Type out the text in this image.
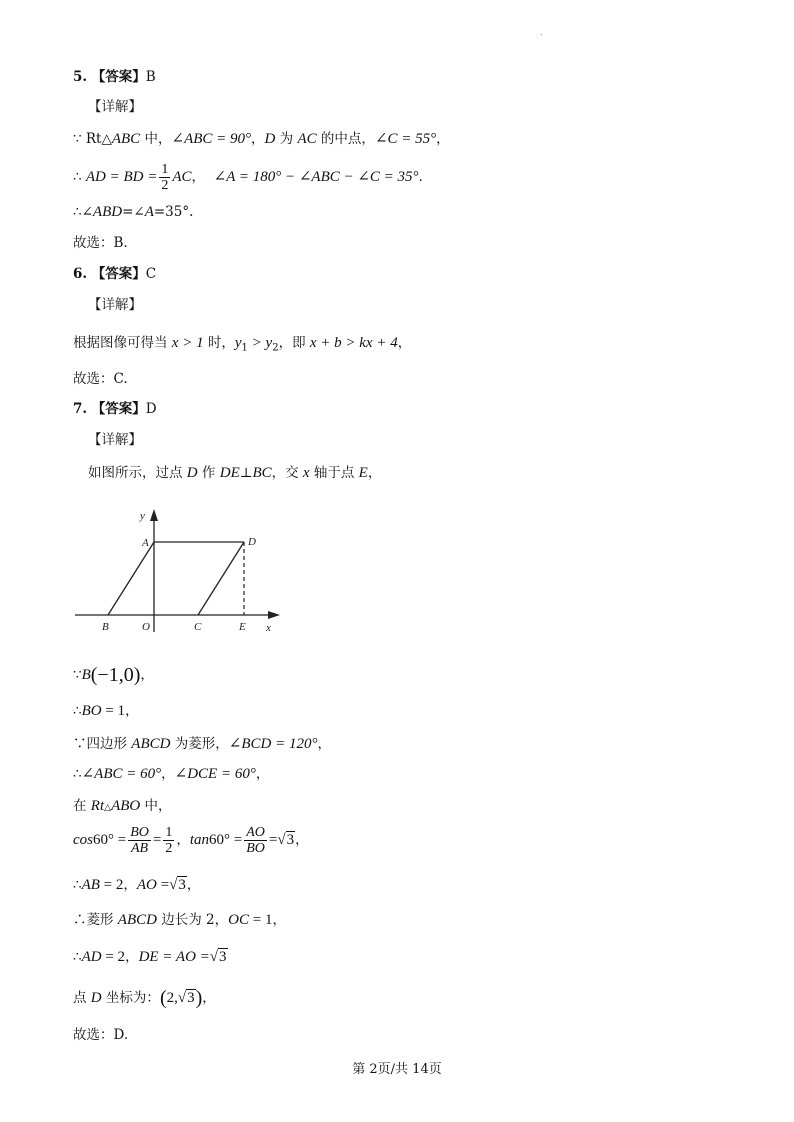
.
5. 【答案】B
【详解】
∵ Rt△ABC 中，∠ABC = 90°，D 为 AC 的中点，∠C = 55°，
∴ AD = BD = $\frac{1}{2}$ AC， ∠A = 180° − ∠ABC − ∠C = 35°．
∴∠ABD=∠A=35°.
故选：B.
6. 【答案】C
【详解】
根据图像可得当 x > 1 时，$y_1 > y_2$，即 x + b > kx + 4，
故选：C.
7. 【答案】D
【详解】
如图所示，过点 D 作 DE⊥BC，交 x 轴于点 E，
y
A	D
B	O	C	E x
∵B(−1,0)，
∴BO = 1，
∵四边形 ABCD 为菱形，∠BCD = 120°，
∴∠ABC = 60°，∠DCE = 60°，
在 Rt△ABO 中，
$\cos 60^\circ = \frac{BO}{AB} = \frac{1}{2}$ ，$\tan 60^\circ = \frac{AO}{BO} =√3$，
∴AB = 2，AO =√3，
∴菱形 ABCD 边长为 2，OC = 1，
∴AD = 2，DE = AO =√3
点 D 坐标为：(2,√3)，
故选：D.
第 2页/共 14页
